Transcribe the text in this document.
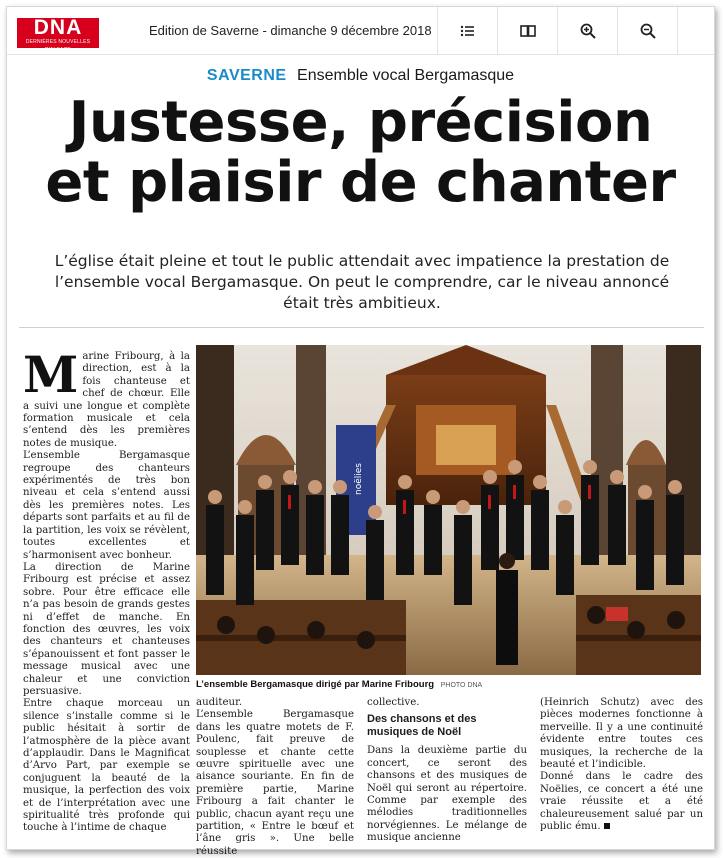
DNA
DERNIÈRES NOUVELLES D'ALSACE
Edition de Saverne - dimanche 9 décembre 2018
SAVERNE Ensemble vocal Bergamasque
Justesse, précision
et plaisir de chanter
L’église était pleine et tout le public attendait avec impatience la prestation de l’ensemble vocal Bergamasque. On peut le comprendre, car le niveau annoncé était très ambitieux.

Marine Fribourg, à la direction, est à la fois chanteuse et chef de chœur. Elle a suivi une longue et complète formation musicale et cela s’entend dès les premières notes de musique.

L’ensemble Bergamasque regroupe des chanteurs expérimentés de très bon niveau et cela s’entend aussi dès les premières notes. Les départs sont parfaits et au fil de la partition, les voix se révèlent, toutes excellentes et s’harmonisent avec bonheur.

La direction de Marine Fribourg est précise et assez sobre. Pour être efficace elle n’a pas besoin de grands gestes ni d’effet de manche. En fonction des œuvres, les voix des chanteurs et chanteuses s’épanouissent et font passer le message musical avec une chaleur et une conviction persuasive.

Entre chaque morceau un silence s’installe comme si le public hésitait à sortir de l’atmosphère de la pièce avant d’applaudir. Dans le Magnificat d’Arvo Part, par exemple se conjuguent la beauté de la musique, la perfection des voix et de l’interprétation avec une spiritualité très profonde qui touche à l’intime de chaque

noëlies
L’ensemble Bergamasque dirigé par Marine Fribourg PHOTO DNA

auditeur.

L’ensemble Bergamasque dans les quatre motets de F. Poulenc, fait preuve de souplesse et chante cette œuvre spirituelle avec une aisance souriante. En fin de première partie, Marine Fribourg a fait chanter le public, chacun ayant reçu une partition, « Entre le bœuf et l’âne gris ». Une belle réussite

collective.

Des chansons et des musiques de Noël

Dans la deuxième partie du concert, ce seront des chansons et des musiques de Noël qui seront au répertoire. Comme par exemple des mélodies traditionnelles norvégiennes. Le mélange de musique ancienne

(Heinrich Schutz) avec des pièces modernes fonctionne à merveille. Il y a une continuité évidente entre toutes ces musiques, la recherche de la beauté et l’indicible.

Donné dans le cadre des Noëlies, ce concert a été une vraie réussite et a été chaleureusement salué par un public ému.
